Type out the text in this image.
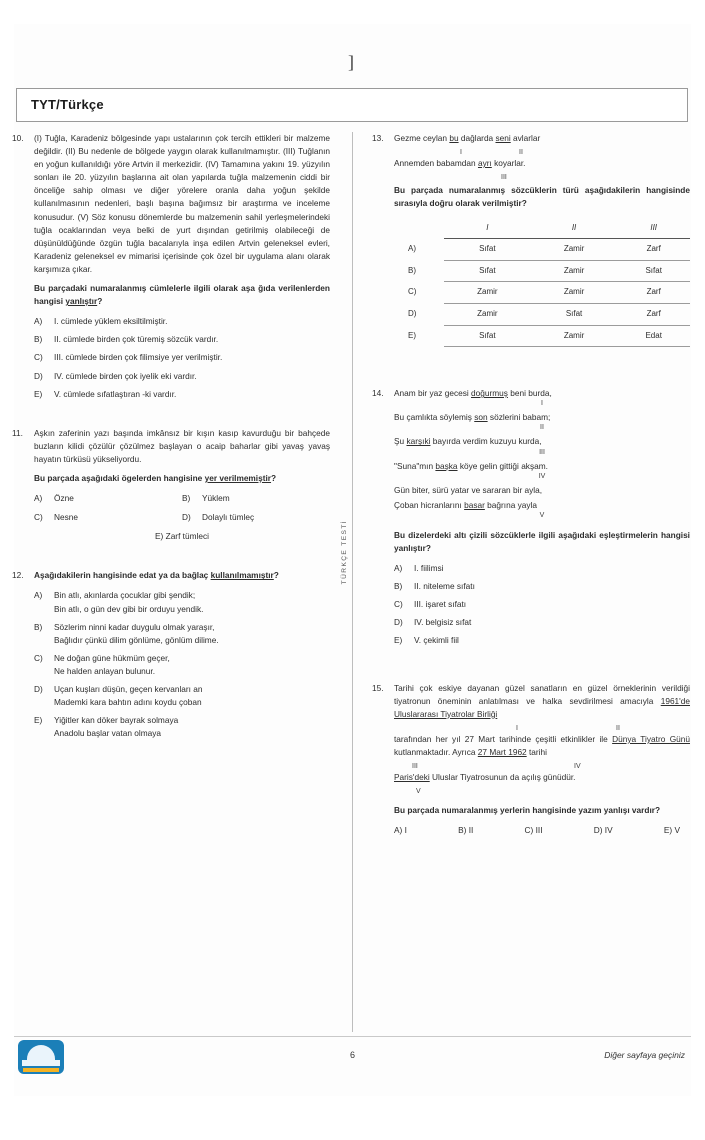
]
TYT/Türkçe
TÜRKÇE TESTİ
10.	(I) Tuğla, Karadeniz bölgesinde yapı ustalarının çok tercih ettikleri bir malzeme değildir. (II) Bu nedenle de bölgede yaygın olarak kullanılmamıştır. (III) Tuğlanın en yoğun kullanıldığı yöre Artvin il merkezidir. (IV) Tamamına yakını 19. yüzyılın sonları ile 20. yüzyılın başlarına ait olan yapılarda tuğla malzemenin ciddi bir önceliğe sahip olması ve diğer yörelere oranla daha yoğun şekilde kullanılmasının nedenleri, başlı başına bağımsız bir araştırma ve inceleme konusudur. (V) Söz konusu dönemlerde bu malzemenin sahil yerleşmelerindeki tuğla ocaklarından veya belki de yurt dışından getirilmiş olabileceği de düşünüldüğünde özgün tuğla bacalarıyla inşa edilen Artvin geleneksel evleri, Karadeniz geleneksel ev mimarisi içerisinde çok özel bir uygulama alanı olarak karşımıza çıkar.

Bu parçadaki numaralanmış cümlelerle ilgili olarak aşa ğıda verilenlerden hangisi yanlıştır?

A)	I. cümlede yüklem eksiltilmiştir.
B)	II. cümlede birden çok türemiş sözcük vardır.
C)	III. cümlede birden çok filimsiye yer verilmiştir.
D)	IV. cümlede birden çok iyelik eki vardır.
E)	V. cümlede sıfatlaştıran -ki vardır.
11.	Aşkın zaferinin yazı başında imkânsız bir kışın kasıp kavurduğu bir bahçede buzların kilidi çözülür çözülmez başlayan o acaip baharlar gibi yavaş yavaş hayatın türküsü yükseliyordu.

Bu parçada aşağıdaki ögelerden hangisine yer verilmemiştir?

A)	Özne	B)	Yüklem
C)	Nesne	D)	Dolaylı tümleç
E) Zarf tümleci
12.	Aşağıdakilerin hangisinde edat ya da bağlaç kullanılmamıştır?

A)	Bin atlı, akınlarda çocuklar gibi şendik;
Bin atlı, o gün dev gibi bir orduyu yendik.
B)	Sözlerim ninni kadar duygulu olmak yaraşır,
Bağlıdır çünkü dilim gönlüme, gönlüm dilime.
C)	Ne doğan güne hükmüm geçer,
Ne halden anlayan bulunur.
D)	Uçan kuşları düşün, geçen kervanları an
Mademki kara bahtın adını koydu çoban
E)	Yiğitler kan döker bayrak solmaya
Anadolu başlar vatan olmaya
13.	Gezme ceylan bu dağlarda seni avlarlar
I	II
Annemden babamdan ayrı koyarlar.
III

Bu parçada numaralanmış sözcüklerin türü aşağıdakilerin hangisinde sırasıyla doğru olarak verilmiştir?

	I	II	III
A)	Sıfat	Zamir	Zarf
B)	Sıfat	Zamir	Sıfat
C)	Zamir	Zamir	Zarf
D)	Zamir	Sıfat	Zarf
E)	Sıfat	Zamir	Edat
14.	Anam bir yaz gecesi doğurmuş beni burda,
I
Bu çamlıkta söylemiş son sözlerini babam;
II
Şu karşıki bayırda verdim kuzuyu kurda,
III
"Suna"mın başka köye gelin gittiği akşam.
IV
Gün biter, sürü yatar ve sararan bir ayla,
Çoban hicranlarını basar bağrına yayla
V

Bu dizelerdeki altı çizili sözcüklerle ilgili aşağıdaki eşleştirmelerin hangisi yanlıştır?

A)	I. fiilimsi
B)	II. niteleme sıfatı
C)	III. işaret sıfatı
D)	IV. belgisiz sıfat
E)	V. çekimli fiil
15.	Tarihi çok eskiye dayanan güzel sanatların en güzel örneklerinin verildiği tiyatronun öneminin anlatılması ve halka sevdirilmesi amacıyla 1961'de Uluslararası Tiyatrolar Birliği

I	II

tarafından her yıl 27 Mart tarihinde çeşitli etkinlikler ile Dünya Tiyatro Günü kutlanmaktadır. Ayrıca 27 Mart 1962 tarihi

III	IV

Paris'deki Uluslar Tiyatrosunun da açılış günüdür.

V

Bu parçada numaralanmış yerlerin hangisinde yazım yanlışı vardır?

A) I	B) II	C) III	D) IV	E) V
6	Diğer sayfaya geçiniz
